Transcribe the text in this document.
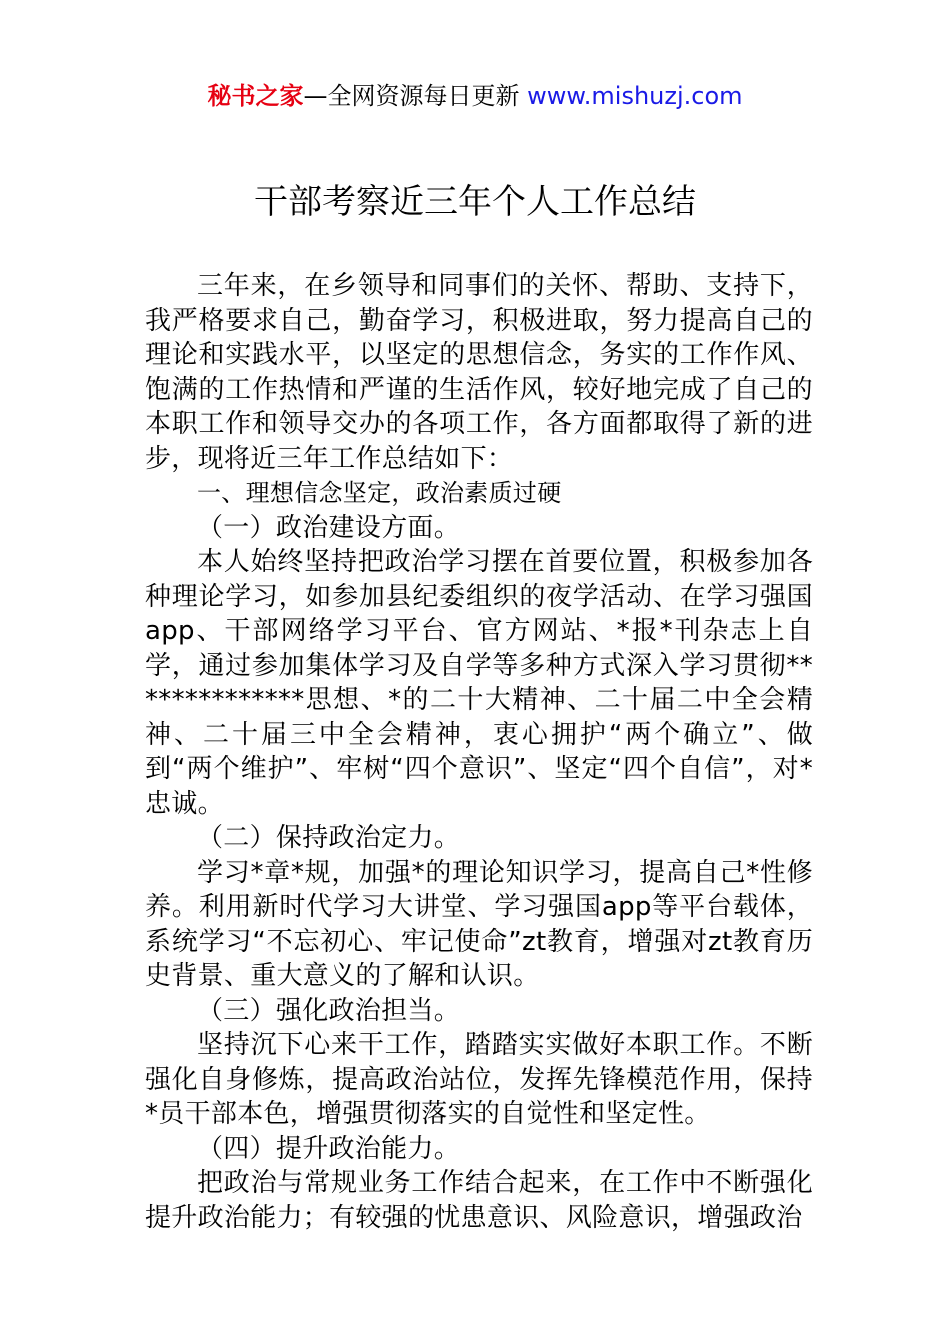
秘书之家—全网资源每日更新 www.mishuzj.com
干部考察近三年个人工作总结

三年来，在乡领导和同事们的关怀、帮助、支持下，我严格要求自己，勤奋学习，积极进取，努力提高自己的理论和实践水平，以坚定的思想信念，务实的工作作风、饱满的工作热情和严谨的生活作风，较好地完成了自己的本职工作和领导交办的各项工作，各方面都取得了新的进步，现将近三年工作总结如下：

一、理想信念坚定，政治素质过硬

（一）政治建设方面。

本人始终坚持把政治学习摆在首要位置，积极参加各种理论学习，如参加县纪委组织的夜学活动、在学习强国app、干部网络学习平台、官方网站、*报*刊杂志上自学，通过参加集体学习及自学等多种方式深入学习贯彻**************思想、*的二十大精神、二十届二中全会精神、二十届三中全会精神，衷心拥护“两个确立”、做到“两个维护”、牢树“四个意识”、坚定“四个自信”，对*忠诚。

（二）保持政治定力。

学习*章*规，加强*的理论知识学习，提高自己*性修养。利用新时代学习大讲堂、学习强国app等平台载体，系统学习“不忘初心、牢记使命”zt教育，增强对zt教育历史背景、重大意义的了解和认识。

（三）强化政治担当。

坚持沉下心来干工作，踏踏实实做好本职工作。不断强化自身修炼，提高政治站位，发挥先锋模范作用，保持*员干部本色，增强贯彻落实的自觉性和坚定性。

（四）提升政治能力。

把政治与常规业务工作结合起来，在工作中不断强化提升政治能力；有较强的忧患意识、风险意识，增强政治
